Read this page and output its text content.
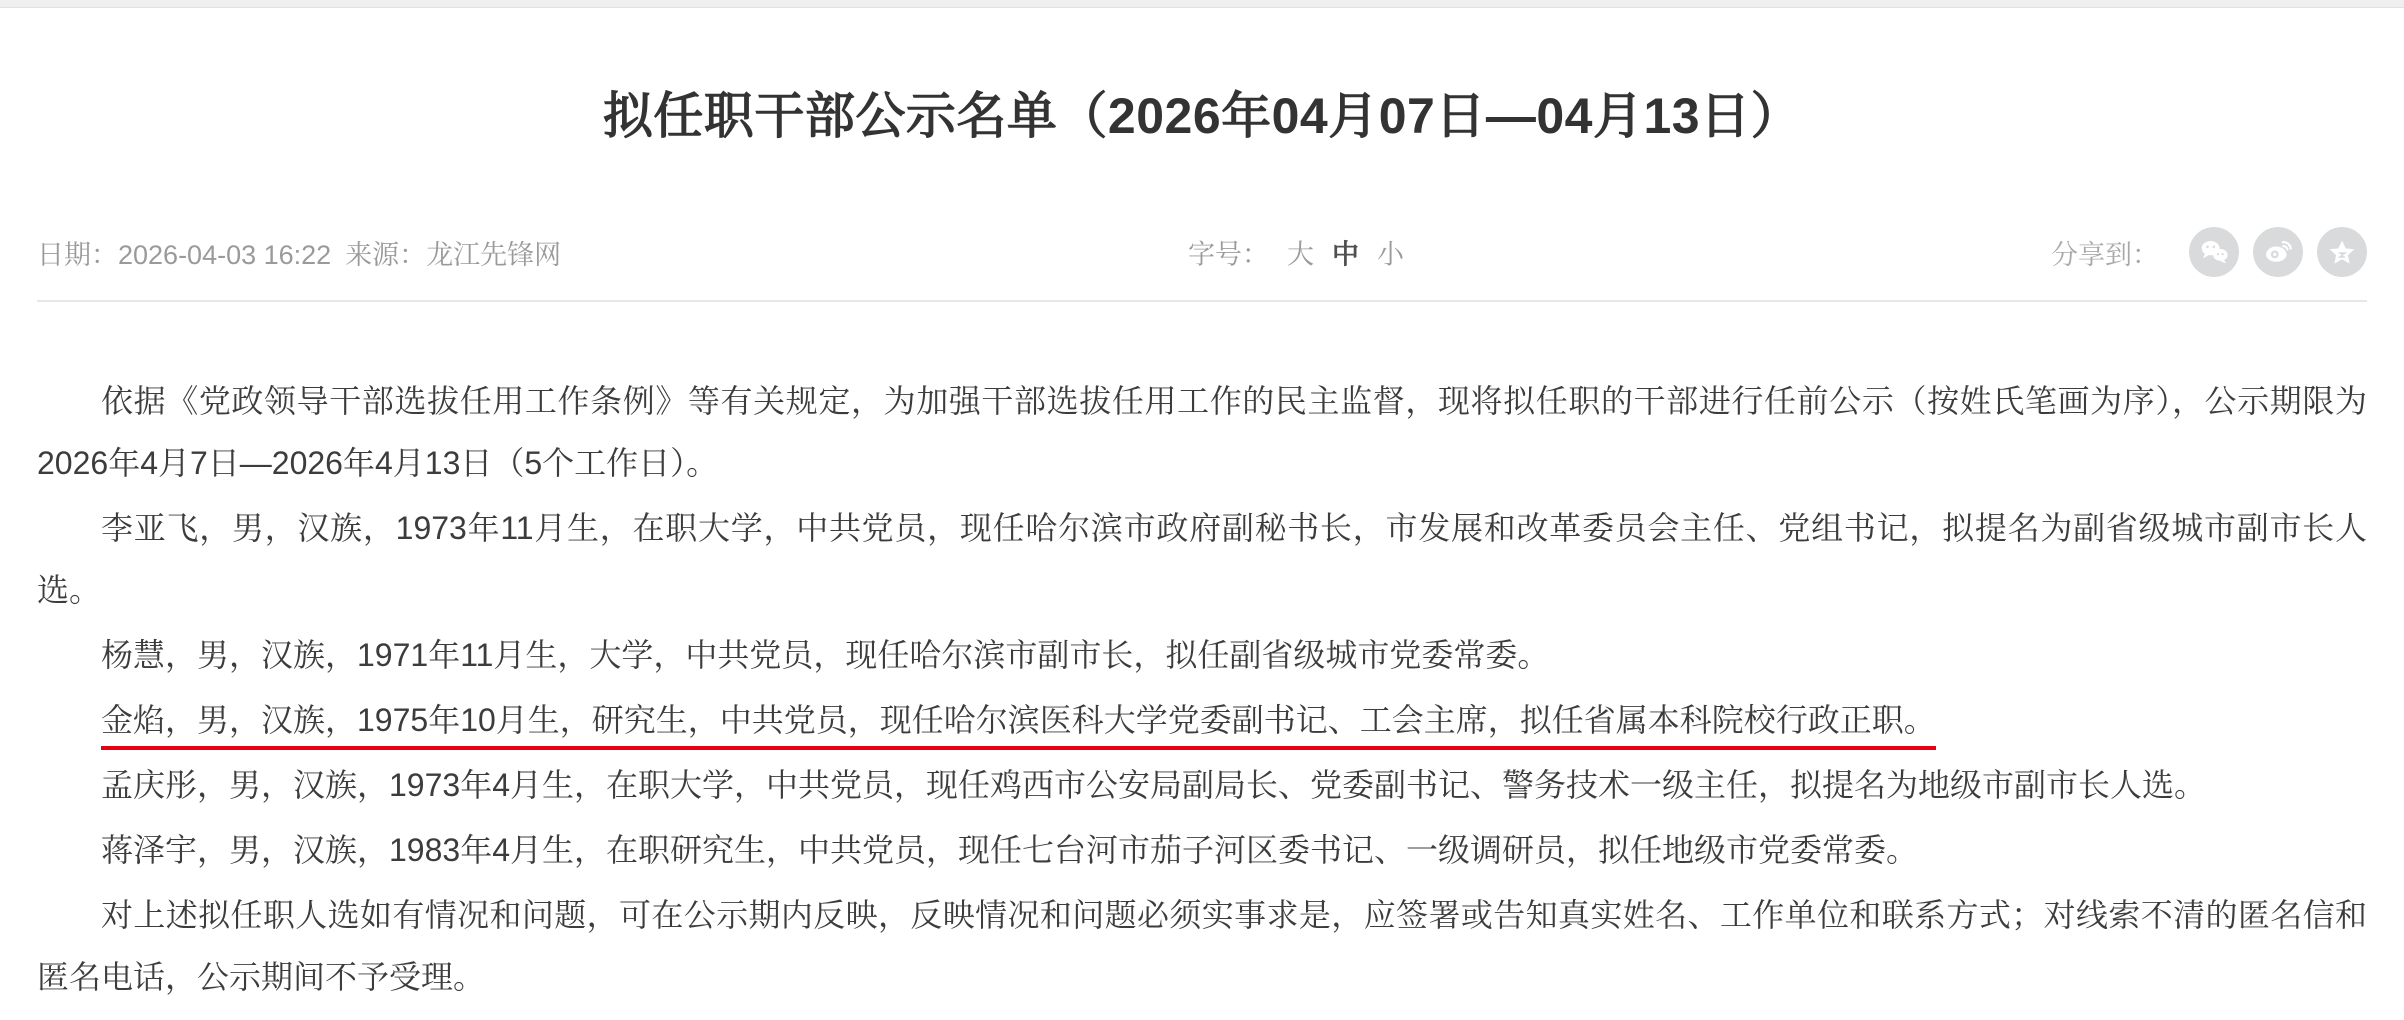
拟任职干部公示名单（2026年04月07日—04月13日）
日期：2026-04-03 16:22 来源：龙江先锋网	字号： 大 中 小	分享到：

依据《党政领导干部选拔任用工作条例》等有关规定，为加强干部选拔任用工作的民主监督，现将拟任职的干部进行任前公示（按姓氏笔画为序），公示期限为2026年4月7日—2026年4月13日（5个工作日）。

李亚飞，男，汉族，1973年11月生，在职大学，中共党员，现任哈尔滨市政府副秘书长，市发展和改革委员会主任、党组书记，拟提名为副省级城市副市长人选。

杨慧，男，汉族，1971年11月生，大学，中共党员，现任哈尔滨市副市长，拟任副省级城市党委常委。

金焰，男，汉族，1975年10月生，研究生，中共党员，现任哈尔滨医科大学党委副书记、工会主席，拟任省属本科院校行政正职。

孟庆彤，男，汉族，1973年4月生，在职大学，中共党员，现任鸡西市公安局副局长、党委副书记、警务技术一级主任，拟提名为地级市副市长人选。

蒋泽宇，男，汉族，1983年4月生，在职研究生，中共党员，现任七台河市茄子河区委书记、一级调研员，拟任地级市党委常委。

对上述拟任职人选如有情况和问题，可在公示期内反映，反映情况和问题必须实事求是，应签署或告知真实姓名、工作单位和联系方式；对线索不清的匿名信和匿名电话，公示期间不予受理。
